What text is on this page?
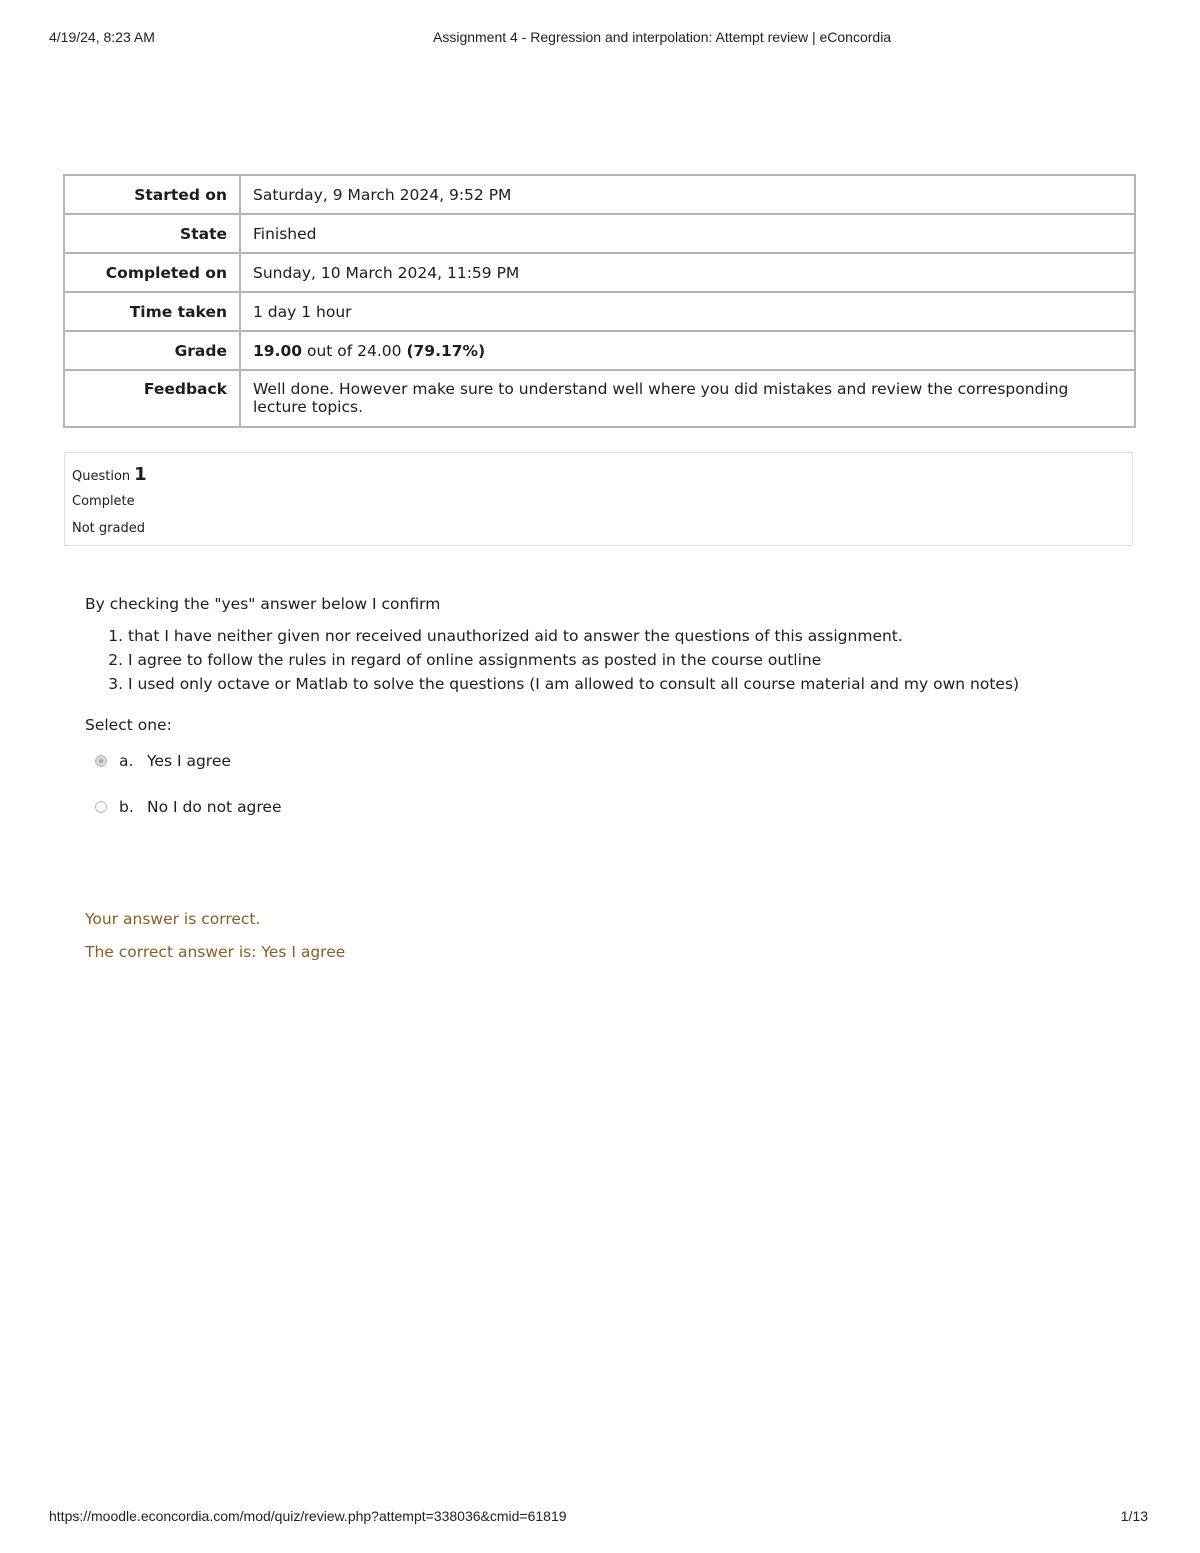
4/19/24, 8:23 AM	Assignment 4 - Regression and interpolation: Attempt review | eConcordia
Started on	Saturday, 9 March 2024, 9:52 PM
State	Finished
Completed on	Sunday, 10 March 2024, 11:59 PM
Time taken	1 day 1 hour
Grade	19.00 out of 24.00 (79.17%)
Feedback	Well done. However make sure to understand well where you did mistakes and review the corresponding lecture topics.
Question 1
Complete
Not graded
By checking the "yes" answer below I confirm
1. that I have neither given nor received unauthorized aid to answer the questions of this assignment.
2. I agree to follow the rules in regard of online assignments as posted in the course outline
3. I used only octave or Matlab to solve the questions (I am allowed to consult all course material and my own notes)
Select one:
a. Yes I agree
b. No I do not agree
Your answer is correct.
The correct answer is: Yes I agree
https://moodle.econcordia.com/mod/quiz/review.php?attempt=338036&cmid=61819	1/13
